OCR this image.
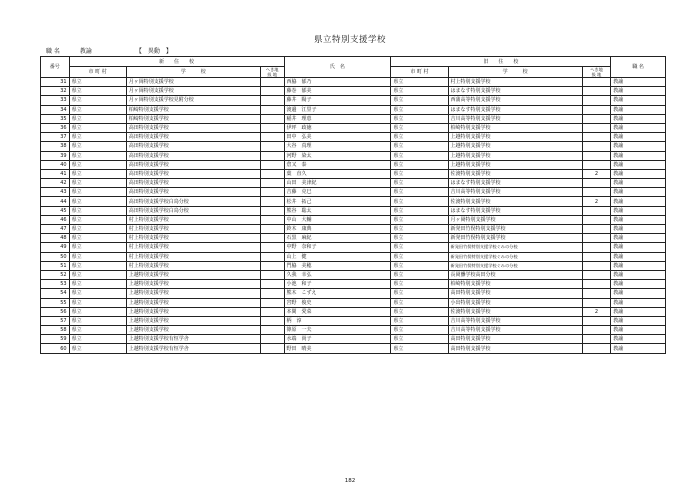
県立特別支援学校
職 名	教諭	【　異動　】
番号	新　　住　　校			氏　名	旧　　住　　校			職 名
	市 町 村	学　　　校	へき地
級 地		市 町 村	学　　　校	へき地
級 地	
31	県立	月ヶ岡特別支援学校		西脇　郁乃	県立	村上特別支援学校		教諭
32	県立	月ヶ岡特別支援学校		藤巻　郁美	県立	はまなす特別支援学校		教諭
33	県立	月ヶ岡特別支援学校見附分校		藤井　陽子	県立	西蒲高等特別支援学校		教諭
34	県立	柏崎特別支援学校		渡邊　江里子	県立	はまなす特別支援学校		教諭
35	県立	柏崎特別支援学校		稲井　理恵	県立	吉川高等特別支援学校		教諭
36	県立	高田特別支援学校		伊坪　政徳	県立	柏崎特別支援学校		教諭
37	県立	高田特別支援学校		田中　弘美	県立	上越特別支援学校		教諭
38	県立	高田特別支援学校		大谷　真理	県立	上越特別支援学校		教諭
39	県立	高田特別支援学校		河野　染太	県立	上越特別支援学校		教諭
40	県立	高田特別支援学校		倉又　泰	県立	上越特別支援学校		教諭
41	県立	高田特別支援学校		葉　直久	県立	佐渡特別支援学校	2	教諭
42	県立	高田特別支援学校		山田　美津紀	県立	はまなす特別支援学校		教諭
43	県立	高田特別支援学校		吉藤　克巳	県立	吉川高等特別支援学校		教諭
44	県立	高田特別支援学校白鳥分校		松井　拓己	県立	佐渡特別支援学校	2	教諭
45	県立	高田特別支援学校白鳥分校		熊谷　聡太	県立	はまなす特別支援学校		教諭
46	県立	村上特別支援学校		中山　大輔	県立	月ヶ岡特別支援学校		教諭
47	県立	村上特別支援学校		鈴木　康典	県立	新発田竹俣特別支援学校		教諭
48	県立	村上特別支援学校		石黒　麻紀	県立	新発田竹俣特別支援学校		教諭
49	県立	村上特別支援学校		中野　奈和子	県立	新発田竹俣特別支援学校ぐみの分校		教諭
50	県立	村上特別支援学校		山上　健	県立	新発田竹俣特別支援学校ぐみの分校		教諭
51	県立	村上特別支援学校		門脇　美穂	県立	新発田竹俣特別支援学校ぐみの分校		教諭
52	県立	上越特別支援学校		久我　幸弘	県立	長岡聾学校高田分校		教諭
53	県立	上越特別支援学校		小池　和子	県立	柏崎特別支援学校		教諭
54	県立	上越特別支援学校		熊木　こずえ	県立	高田特別支援学校		教諭
55	県立	上越特別支援学校		宮野　俊史	県立	小出特別支援学校		教諭
56	県立	上越特別支援学校		本間　愛菜	県立	佐渡特別支援学校	2	教諭
57	県立	上越特別支援学校		柄　淳	県立	吉川高等特別支援学校		教諭
58	県立	上越特別支援学校		篠原　一夫	県立	吉川高等特別支援学校		教諭
59	県立	上越特別支援学校有恒学舎		水端　尚子	県立	高田特別支援学校		教諭
60	県立	上越特別支援学校有恒学舎		野田　晴美	県立	高田特別支援学校		教諭
182
